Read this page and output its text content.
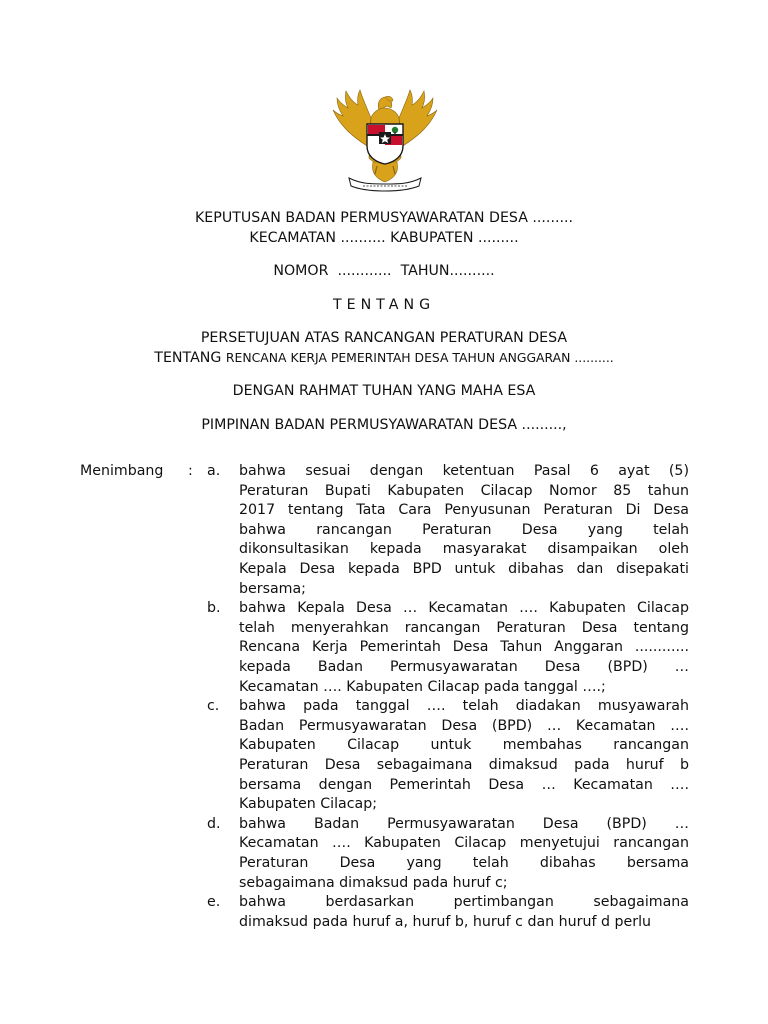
KEPUTUSAN BADAN PERMUSYAWARATAN DESA .........
KECAMATAN .......... KABUPATEN .........
NOMOR  ............  TAHUN..........
TENTANG
PERSETUJUAN ATAS RANCANGAN PERATURAN DESA
TENTANG RENCANA KERJA PEMERINTAH DESA TAHUN ANGGARAN ..........
DENGAN RAHMAT TUHAN YANG MAHA ESA
PIMPINAN BADAN PERMUSYAWARATAN DESA .........,
Menimbang : a. bahwa sesuai dengan ketentuan Pasal 6 ayat (5)
Peraturan Bupati Kabupaten Cilacap Nomor 85 tahun
2017 tentang Tata Cara Penyusunan Peraturan Di Desa
bahwa rancangan Peraturan Desa yang telah
dikonsultasikan kepada masyarakat disampaikan oleh
Kepala Desa kepada BPD untuk dibahas dan disepakati
bersama;
b. bahwa Kepala Desa … Kecamatan …. Kabupaten Cilacap
telah menyerahkan rancangan Peraturan Desa tentang
Rencana Kerja Pemerintah Desa Tahun Anggaran ............
kepada Badan Permusyawaratan Desa (BPD) …
Kecamatan …. Kabupaten Cilacap pada tanggal ….;
c. bahwa pada tanggal …. telah diadakan musyawarah
Badan Permusyawaratan Desa (BPD) … Kecamatan ….
Kabupaten Cilacap untuk membahas rancangan
Peraturan Desa sebagaimana dimaksud pada huruf b
bersama dengan Pemerintah Desa … Kecamatan ….
Kabupaten Cilacap;
d. bahwa Badan Permusyawaratan Desa (BPD) …
Kecamatan …. Kabupaten Cilacap menyetujui rancangan
Peraturan Desa yang telah dibahas bersama
sebagaimana dimaksud pada huruf c;
e. bahwa berdasarkan pertimbangan sebagaimana
dimaksud pada huruf a, huruf b, huruf c dan huruf d perlu
